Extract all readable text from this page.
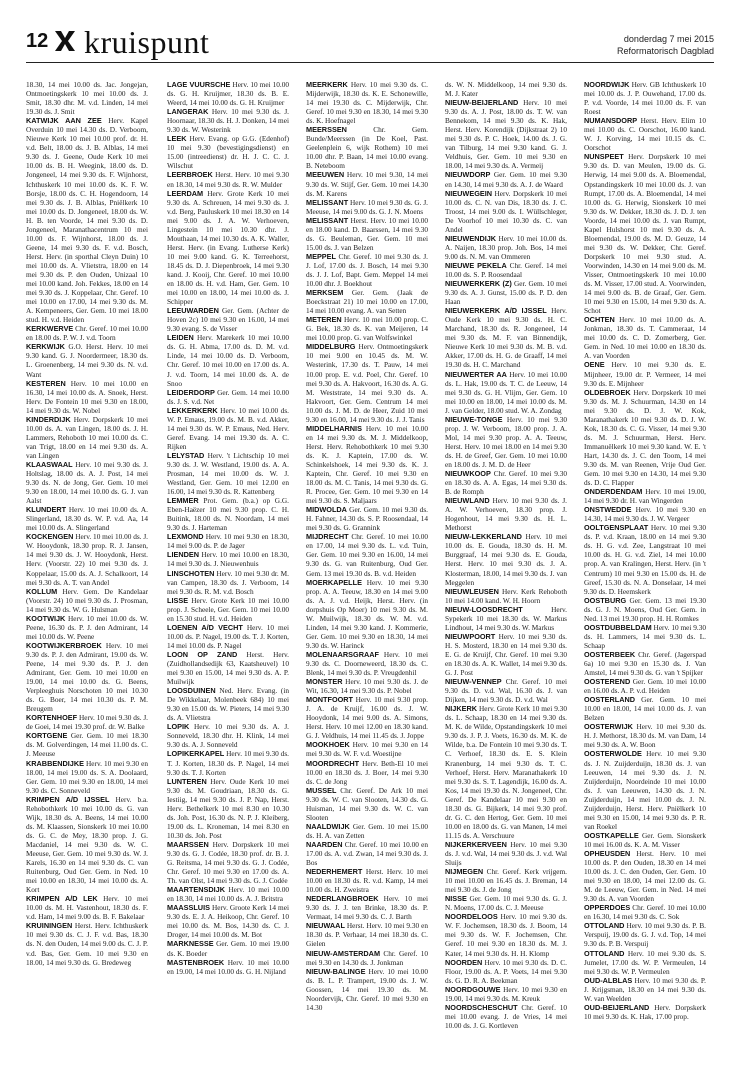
12 kruispunt	donderdag 7 mei 2015
Reformatorisch Dagblad

18.30, 14 mei 10.00 ds. Jac. Jongejan, Ontmoetingskerk 10 mei 10.00 ds. J. Smit, 18.30 dhr. M. v.d. Linden, 14 mei 19.30 ds. J. Smit

KATWIJK AAN ZEE Herv. Kapel Overduin 10 mei 14.30 ds. D. Verboom, Nieuwe Kerk 10 mei 10.00 prof. dr. H. v.d. Belt, 18.00 ds. J. B. Alblas, 14 mei 9.30 ds. J. Geene, Oude Kerk 10 mei 10.00 ds. B. H. Weegink, 18.00 ds. D. Jongeneel, 14 mei 9.30 ds. F. Wijnhorst, Ichthuskerk 10 mei 10.00 ds. K. F. W. Borsje, 18.00 ds. C. H. Hogendoorn, 14 mei 9.30 ds. J. B. Alblas, Pniëlkerk 10 mei 10.00 ds. D. Jongeneel, 18.00 ds. W. H. B. ten Voorde, 14 mei 9.30 ds. D. Jongeneel, Maranathacentrum 10 mei 10.00 ds. F. Wijnhorst, 18.00 ds. J. Geene, 14 mei 9.30 ds. F. v.d. Bosch, Herst. Herv. (in sporthal Cleyn Duin) 10 mei 10.00 ds. A. Vlietstra, 18.00 en 14 mei 9.30 ds. P. den Ouden, Unizaal 10 mei 10.00 kand. Joh. Fekkes, 18.00 en 14 mei 9.30 ds. J. Koppelaar, Chr. Geref. 10 mei 10.00 en 17.00, 14 mei 9.30 ds. M. A. Kempeneers, Ger. Gem. 10 mei 18.00 stud. H. v.d. Heiden

KERKWERVE Chr. Geref. 10 mei 10.00 en 18.00 ds. P. W. J. v.d. Toorn

KERKWIJK G.O. Herst. Herv. 10 mei 9.30 kand. G. J. Noordermeer, 18.30 ds. L. Groenenberg, 14 mei 9.30 ds. N. v.d. Want

KESTEREN Herv. 10 mei 10.00 en 16.30, 14 mei 10.00 ds. A. Snoek, Herst. Herv. De Fontein 10 mei 9.30 en 18.00, 14 mei 9.30 ds. W. Nobel

KINDERDIJK Herv. Dorpskerk 10 mei 10.00 ds. A. van Lingen, 18.00 ds. J. H. Lammers, Rehoboth 10 mei 10.00 ds. C. van Trigt, 18.00 en 14 mei 9.30 ds. A. van Lingen

KLAASWAAL Herv. 10 mei 9.30 ds. J. Holtslag, 18.00 ds. A. J. Post, 14 mei 9.30 ds. N. de Jong, Ger. Gem. 10 mei 9.30 en 18.00, 14 mei 10.00 ds. G. J. van Aalst

KLUNDERT Herv. 10 mei 10.00 ds. A. Slingerland, 18.30 ds. W. P. v.d. Aa, 14 mei 10.00 ds. A. Slingerland

KOCKENGEN Herv. 10 mei 10.00 ds. J. W. Hooydonk, 18.30 prop. R. J. Jansen, 14 mei 9.30 ds. J. W. Hooydonk, Herst. Herv. (Voorstr. 22) 10 mei 9.30 ds. J. Koppelaar, 15.00 ds. A. J. Schalkoort, 14 mei 9.30 ds. A. T. van Andel

KOLLUM Herv. Gem. De Kandelaar (Voorstr. 24) 10 mei 9.30 ds. J. Prosman, 14 mei 9.30 ds. W. G. Hulsman

KOOTWIJK Herv. 10 mei 10.00 ds. W. Peene, 16.30 ds. P. J. den Admirant, 14 mei 10.00 ds. W. Peene

KOOTWIJKERBROEK Herv. 10 mei 9.30 ds. P. J. den Admirant, 19.00 ds. W. Peene, 14 mei 9.30 ds. P. J. den Admirant, Ger. Gem. 10 mei 10.00 en 19.00, 14 mei 10.00 ds. G. Beens, Verpleeghuis Norschoten 10 mei 10.30 ds. G. Boer, 14 mei 10.30 ds. P. M. Breugem

KORTENHOEF Herv. 10 mei 9.30 ds. J. de Goei, 14 mei 19.30 prof. dr. W. Balke

KORTGENE Ger. Gem. 10 mei 18.30 ds. M. Golverdingen, 14 mei 11.00 ds. C. J. Meeuse

KRABBENDIJKE Herv. 10 mei 9.30 en 18.00, 14 mei 19.00 ds. S. A. Doolaard, Ger. Gem. 10 mei 9.30 en 18.00, 14 mei 9.30 ds. C. Sonneveld

KRIMPEN A/D IJSSEL Herv. b.a. Rehobothkerk 10 mei 10.00 ds. G. van Wijk, 18.30 ds. A. Beens, 14 mei 10.00 ds. M. Klaassen, Sionskerk 10 mei 10.00 ds. G. C. de Mey, 18.30 prop. J. G. Macdaniel, 14 mei 9.30 ds. W. C. Meeuse, Ger. Gem. 10 mei 9.30 ds. W. J. Karels, 16.30 en 14 mei 9.30 ds. C. van Ruitenburg, Oud Ger. Gem. in Ned. 10 mei 10.00 en 18.30, 14 mei 10.00 ds. A. Kort

KRIMPEN A/D LEK Herv. 10 mei 10.00 ds. M. H. Vastenhout, 18.30 ds. F. v.d. Ham, 14 mei 9.00 ds. B. F. Bakelaar

KRUININGEN Herst. Herv. Ichthuskerk 10 mei 9.30 ds. C. J. F. v.d. Bas, 18.30 ds. N. den Ouden, 14 mei 9.00 ds. C. J. P. v.d. Bas, Ger. Gem. 10 mei 9.30 en 18.00, 14 mei 9.30 ds. G. Bredeweg

LAGE VUURSCHE Herv. 10 mei 10.00 ds. G. H. Kruijmer, 18.30 ds. B. E. Weerd, 14 mei 10.00 ds. G. H. Kruijmer

LANGERAK Herv. 10 mei 9.30 ds. J. Hoornaar, 18.30 ds. H. J. Donken, 14 mei 9.30 ds. W. Westerink

LEEK Herv. Evang. op G.G. (Edenhof) 10 mei 9.30 (bevestigingsdienst) en 15.00 (intreedienst) dr. H. J. C. C. J. Wilschut

LEERBROEK Herst. Herv. 10 mei 9.30 en 18.30, 14 mei 9.30 ds. R. W. Mulder

LEERDAM Herv. Grote Kerk 10 mei 9.30 ds. A. Schreuen, 14 mei 9.30 ds. J. v.d. Berg, Pauluskerk 10 mei 18.30 en 14 mei 9.00 ds. J. A. W. Verhoeven, Lingestein 10 mei 10.30 dhr. J. Mouthaan, 14 mei 10.30 ds. A. K. Waller, Herst. Herv. (in Evang. Lutherse Kerk) 10 mei 9.00 kand. G. K. Terreehorst, 18.45 ds. D. J. Diepenbroek, 14 mei 9.30 kand. J. Kooij, Chr. Geref. 10 mei 10.00 en 18.00 ds. H. v.d. Ham, Ger. Gem. 10 mei 10.00 en 18.00, 14 mei 10.00 ds. J. Schipper

LEEUWARDEN Ger. Gem. (Achter de Hoven 2c) 10 mei 9.30 en 16.00, 14 mei 9.30 evang. S. de Visser

LEIDEN Herv. Marekerk 10 mei 10.00 ds. G. H. Abma, 17.00 ds. D. M. v.d. Linde, 14 mei 10.00 ds. D. Verboom, Chr. Geref. 10 mei 10.00 en 17.00 ds. A. J. v.d. Toorn, 14 mei 10.00 ds. A. de Snoo

LEIDERDORP Ger. Gem. 14 mei 10.00 ds. J. S. v.d. Net

LEKKERKERK Herv. 10 mei 10.00 ds. W. P. Emaus, 19.00 ds. M. B. v.d. Akker, 14 mei 9.30 ds. W. P. Emaus, Ned. Herv. Geref. Evang. 14 mei 19.30 ds. A. C. Rijken

LELYSTAD Herv. 't Lichtschip 10 mei 9.30 ds. J. W. Westland, 19.00 ds. A. A. Prosman, 14 mei 10.00 ds. W. J. Westland, Ger. Gem. 10 mei 12.00 en 16.00, 14 mei 9.30 ds. R. Kattenberg

LEMMER Prot. Gem. (b.a.) op G.G. Eben-Haëzer 10 mei 9.30 prop. C. H. Buitink, 18.00 ds. N. Noordam, 14 mei 9.30 ds. J. Harteman

LEXMOND Herv. 10 mei 9.30 en 18.30, 14 mei 9.00 ds. P. de Jager

LIENDEN Herv. 10 mei 10.00 en 18.30, 14 mei 9.30 ds. J. Nieuwenhuis

LINSCHOTEN Herv. 10 mei 9.30 dr. M. van Campen, 18.30 ds. J. Verboom, 14 mei 9.30 ds. R. M. v.d. Bosch

LISSE Herv. Grote Kerk 10 mei 10.00 prop. J. Scheele, Ger. Gem. 10 mei 10.00 en 15.30 stud. H. v.d. Heiden

LOENEN A/D VECHT Herv. 10 mei 10.00 ds. P. Nagel, 19.00 ds. T. J. Korten, 14 mei 10.00 ds. P. Nagel

LOON OP ZAND Herst. Herv. (Zuidhollandsedijk 63, Kaatsheuvel) 10 mei 9.30 en 15.00, 14 mei 9.30 ds. A. P. Muilwijk

LOOSDUINEN Ned. Herv. Evang. (in De Wikkelaar, Molenbeek 684) 10 mei 9.30 en 15.00 ds. W. Pieters, 14 mei 9.30 ds. A. Vlietstra

LOPIK Herv. 10 mei 9.30 ds. A. J. Sonneveld, 18.30 dhr. H. Klink, 14 mei 9.30 ds. A. J. Sonneveld

LOPIKERKAPEL Herv. 10 mei 9.30 ds. T. J. Korten, 18.30 ds. P. Nagel, 14 mei 9.30 ds. T. J. Korten

LUNTEREN Herv. Oude Kerk 10 mei 9.30 ds. M. Goudriaan, 18.30 ds. G. Iestiig, 14 mei 9.30 ds. J. P. Nap, Herst. Herv. Bethelkerk 10 mei 8.30 en 10.30 ds. Joh. Post, 16.30 ds. N. P. J. Kleiberg, 19.00 ds. L. Kroneman, 14 mei 8.30 en 10.30 ds. Joh. Post

MAARSSEN Herv. Dorpskerk 10 mei 9.30 ds. G. J. Codée, 18.30 prof. dr. B. J. G. Reitsma, 14 mei 9.30 ds. G. J. Codée, Chr. Geref. 10 mei 9.30 en 17.00 ds. A. Th. van Olst, 14 mei 9.30 ds. G. J. Codée

MAARTENSDIJK Herv. 10 mei 10.00 en 18.30, 14 mei 10.00 ds. A. J. Britstra

MAASSLUIS Herv. Groote Kerk 14 mei 9.30 ds. E. J. A. Heikoop, Chr. Geref. 10 mei 10.00 ds. M. Bos, 14.30 ds. C. J. Droger, 14 mei 10.00 ds. M. Bot

MARKNESSE Ger. Gem. 10 mei 19.00 ds. K. Boeder

MASTENBROEK Herv. 10 mei 10.00 en 19.00, 14 mei 10.00 ds. G. H. Nijland

MEERKERK Herv. 10 mei 9.30 ds. C. Mijderwijk, 18.30 ds. K. E. Schonewille, 14 mei 19.30 ds. C. Mijderwijk, Chr. Geref. 10 mei 9.30 en 18.30, 14 mei 9.30 ds. K. Hoefnagel

MEERSSEN	Chr. Gem. Bunde/Meerssen (in De Koel, Past. Geelenplein 6, wijk Rothem) 10 mei 10.00 dhr. P. Baan, 14 mei 10.00 evang. B. Neteboom

MEEUWEN Herv. 10 mei 9.30, 14 mei 9.30 ds. W. Stijf, Ger. Gem. 10 mei 14.30 ds. M. Karens

MELISSANT Herv. 10 mei 9.30 ds. G. J. Meeuse, 14 mei 9.00 ds. G. J. N. Moens

MELISSANT Herst. Herv. 10 mei 10.00 en 18.00 kand. D. Baarssen, 14 mei 9.30 ds. G. Beuleman, Ger. Gem. 10 mei 15.00 ds. J. van Belzen

MEPPEL Chr. Geref. 10 mei 9.30 ds. J. J. Lof, 17.00 ds. J. Bosch, 14 mei 9.30 ds. J. J. Lof, Bapt. Gem. Meppel 14 mei 10.00 dhr. J. Boekhout

MERKSEM Ger. Gem. (Jaak de Boeckstraat 21) 10 mei 10.00 en 17.00, 14 mei 10.00 evang. A. van Setten

METEREN Herv. 10 mei 10.00 prop. C. G. Bek, 18.30 ds. K. van Meijeren, 14 mei 10.00 prop. G. van Wolfswinkel

MIDDELBURG Herv. Ontmoetingskerk 10 mei 9.00 en 10.45 ds. M. W. Westerink, 17.30 ds. T. Pauw, 14 mei 10.00 prop. E. v.d. Poel, Chr. Geref. 10 mei 9.30 ds. A. Hakvoort, 16.30 ds. A. G. M. Weststrate, 14 mei 9.30 ds. A. Hakvoort, Ger. Gem. Centrum 14 mei 10.00 ds. J. M. D. de Heer, Zuid 10 mei 9.30 en 16.00, 14 mei 9.30 ds. J. J. Tanis

MIDDELHARNIS Herv. 10 mei 10.00 en 14 mei 9.30 ds. M. J. Middelkoop, Herst. Herv. Rehobothkerk 10 mei 9.30 ds. K. J. Kaptein, 17.00 ds. W. Schinkelshoek, 14 mei 9.30 ds. K. J. Kaptein, Chr. Geref. 10 mei 9.30 en 18.00 ds. M. C. Tanis, 14 mei 9.30 ds. G. R. Procee, Ger. Gem. 10 mei 9.30 en 14 mei 9.30 ds. S. Maljaars

MIDWOLDA Ger. Gem. 10 mei 9.30 ds. H. Fahner, 14.30 ds. S. P. Roosendaal, 14 mei 9.30 ds. G. Grannink

MIJDRECHT Chr. Geref. 10 mei 10.00 en 17.00, 14 mei 9.30 ds. L. v.d. Tuin, Ger. Gem. 10 mei 9.30 en 16.00, 14 mei 9.30 ds. G. van Ruitenburg, Oud Ger. Gem. 13 mei 19.30 ds. B. v.d. Heiden

MOERKAPELLE Herv. 10 mei 9.30 prop. A. A. Teeuw, 18.30 en 14 mei 9.00 ds. A. J. v.d. Heijk, Herst. Herv. (in dorpshuis Op Moer) 10 mei 9.30 ds. M. W. Muilwijk, 18.30 ds. W. M. v.d. Linden, 14 mei 9.30 kand. J. Kommerie, Ger. Gem. 10 mei 9.30 en 18.30, 14 mei 9.30 ds. W. Harinck

MOLENAARSGRAAF Herv. 10 mei 9.30 ds. C. Doorneweerd, 18.30 ds. C. Blenk, 14 mei 9.30 ds. P. Vreugdenhil

MONSTER Herv. 10 mei 9.30 ds. J. de Wit, 16.30, 14 mei 9.30 ds. P. Nobel

MONTFOORT Herv. 10 mei 9.30 prop. J. A. de Kruijf, 16.00 ds. J. W. Hooydonk, 14 mei 9.00 ds. A. Simons, Herst. Herv. 10 mei 12.00 en 18.30 kand. G. J. Veldhuis, 14 mei 11.45 ds. J. Joppe

MOOKHOEK Herv. 10 mei 9.30 en 14 mei 9.30 ds. W. F. v.d. Woestijne

MOORDRECHT Herv. Beth-El 10 mei 10.00 en 18.30 ds. J. Boer, 14 mei 9.30 ds. C. de Jong

MUSSEL Chr. Geref. De Ark 10 mei 9.30 ds. W. C. van Slooten, 14.30 ds. G. Huisman, 14 mei 9.30 ds. W. C. van Slooten

NAALDWIJK Ger. Gem. 10 mei 15.00 ds. H. A. van Zetten

NAARDEN Chr. Geref. 10 mei 10.00 en 17.00 ds. A. v.d. Zwan, 14 mei 9.30 ds. J. Bos

NEDERHEMERT Herst. Herv. 10 mei 10.00 en 18.30 ds. R. v.d. Kamp, 14 mei 10.00 ds. H. Zweistra

NEDERLANGBROEK Herv. 10 mei 9.30 ds. J. J. ten Brinke, 18.30 ds. P. Vermaat, 14 mei 9.30 ds. C. J. Barth

NIEUWAAL Herst. Herv. 10 mei 9.30 en 18.30 ds. P. Verhaar, 14 mei 18.30 ds. C. Gielen

NIEUW-AMSTERDAM Chr. Geref. 10 mei 9.30 en 14.30 ds. J. Jonkman

NIEUW-BALINGE Herv. 10 mei 10.00 ds. B. L. P. Trampert, 19.00 ds. J. W. Goossen, 14 mei 19.30 ds. M. Noordervijk, Chr. Geref. 10 mei 9.30 en 14.30

ds. W. N. Middelkoop, 14 mei 9.30 ds. M. J. Kater

NIEUW-BEIJERLAND Herv. 10 mei 9.30 ds. A. J. Post, 18.00 ds. T. W. van Bennekom, 14 mei 9.30 ds. K. Hak, Herst. Herv. Korendijk (Dijkstraat 2) 10 mei 9.30 ds. P. C. Hoek, 14.00 ds. J. G. van Tilburg, 14 mei 9.30 kand. G. J. Veldhuis, Ger. Gem. 10 mei 9.30 en 18.00, 14 mei 9.30 ds. A. Vermeij

NIEUWDORP Ger. Gem. 10 mei 9.30 en 14.30, 14 mei 9.30 ds. A. J. de Waard

NIEUWEGEIN Herv. Dorpskerk 10 mei 10.00 ds. C. N. van Dis, 18.30 ds. J. C. Troost, 14 mei 9.00 ds. I. Wüllschleger, De Voorhof 10 mei 10.30 ds. C. van Andel

NIEUWENDIJK Herv. 10 mei 10.00 ds. A. Naijen, 18.30 prop. Joh. Bos, 14 mei 9.00 ds. N. M. van Ommeren

NIEUWE PEKELA Chr. Geref. 14 mei 10.00 ds. S. P. Roosendaal

NIEUWERKERK (Z) Ger. Gem. 10 mei 9.30 ds. A. J. Gunst, 15.00 ds. P. D. den Haan

NIEUWERKERK A/D IJSSEL Herv. Oude Kerk 10 mei 9.30 ds. H. C. Marchand, 18.30 ds. R. Jongeneel, 14 mei 9.30 ds. M. F. van Binnendijk, Nieuwe Kerk 10 mei 9.30 ds. M. B. v.d. Akker, 17.00 ds. H. G. de Graaff, 14 mei 19.30 ds. H. C. Marchand

NIEUWERTER AA Herv. 10 mei 10.00 ds. L. Hak, 19.00 ds. T. C. de Leeuw, 14 mei 9.30 ds. G. H. Vlijm, Ger. Gem. 10 mei 10.00 en 18.00, 14 mei 10.00 ds. M. J. van Gelder, 18.00 stud. W. A. Zondag

NIEUWE-TONGE Herv. 10 mei 9.30 prop. J. W. Verboom, 18.00 prop. J. A. Mol, 14 mei 9.30 prop. A. A. Teeuw, Herst. Herv. 10 mei 18.00 en 14 mei 9.30 ds. H. de Greef, Ger. Gem. 10 mei 10.00 en 18.00 ds. J. M. D. de Heer

NIEUWKOOP Chr. Geref. 10 mei 9.30 en 18.30 ds. A. A. Egas, 14 mei 9.30 ds. B. de Romph

NIEUWLAND Herv. 10 mei 9.30 ds. J. A. W. Verhoeven, 18.30 prop. J. Hogenhout, 14 mei 9.30 ds. H. L. Methorst

NIEUW-LEKKERLAND Herv. 10 mei 10.00 ds. E. Gouda, 18.30 ds. H. M. Burggraaf, 14 mei 9.30 ds. E. Gouda, Herst. Herv. 10 mei 9.30 ds. J. A. Klosterman, 18.00, 14 mei 9.30 ds. J. van Meggelen

NIEUWLEUSEN Herv. Kerk Rehoboth 10 mei 14.00 kand. W. H. Hoorn

NIEUW-LOOSDRECHT	Herv. Sypekerk 10 mei 18.30 ds. W. Markus Lindhout, 14 mei 9.30 ds. W. Markus

NIEUWPOORT Herv. 10 mei 9.30 ds. H. S. Mosterd, 18.30 en 14 mei 9.30 ds. E. G. de Kruijf, Chr. Geref. 10 mei 9.30 en 18.30 ds. A. K. Wallet, 14 mei 9.30 ds. G. J. Post

NIEUW-VENNEP Chr. Geref. 10 mei 9.30 ds. D. v.d. Wal, 16.30 ds. J. van Dijken, 14 mei 9.30 ds. D. v.d. Wal

NIJKERK Herv. Grote Kerk 10 mei 9.30 ds. L. Schaap, 18.30 en 14 mei 9.30 ds. M. K. de Wilde, Opstandingskerk 10 mei 9.30 ds. J. P. J. Voets, 16.30 ds. M. K. de Wilde, b.a. De Fontein 10 mei 9.30 ds. T. C. Verhoef, 18.30 ds. E. S. Klein Kranenburg, 14 mei 9.30 ds. T. C. Verhoef, Herst. Herv. Maranathakerk 10 mei 9.30 ds. S. T. Lagendijk, 16.00 ds. A. Kos, 14 mei 19.30 ds. N. Jongeneel, Chr. Geref. De Kandelaar 10 mei 9.30 en 18.30 ds. G. Bijkerk, 14 mei 9.30 prof. dr. G. C. den Hertog, Ger. Gem. 10 mei 10.00 en 18.00 ds. G. van Manen, 14 mei 11.15 ds. A. Verschuure

NIJKERKERVEEN Herv. 10 mei 9.30 ds. J. v.d. Wal, 14 mei 9.30 ds. J. v.d. Wal Sluijs

NIJMEGEN Chr. Geref. Kerk vrijgem. 10 mei 10.00 en 16.45 ds. J. Breman, 14 mei 9.30 ds. J. de Jong

NISSE Ger. Gem. 10 mei 9.30 ds. G. J. N. Moens, 17.00 ds. C. J. Meeuse

NOORDELOOS Herv. 10 mei 9.30 ds. W. F. Jochemsen, 18.30 ds. J. Boom, 14 mei 9.30 ds. W. F. Jochemsen, Chr. Geref. 10 mei 9.30 en 18.30 ds. M. J. Kater, 14 mei 9.30 ds. H. H. Klomp

NOORDEN Herv. 10 mei 9.30 ds. D. C. Floor, 19.00 ds. A. P. Voets, 14 mei 9.30 ds. G. D. R. A. Beekman

NOORDGOUWE Herv. 10 mei 9.30 en 19.00, 14 mei 9.30 ds. M. Kreuk

NOORDSCHESCHUT Chr. Geref. 10 mei 10.00 evang. J. de Vries, 14 mei 10.00 ds. J. G. Kortleven

NOORDWIJK Herv. GB Ichthuskerk 10 mei 10.00 ds. J. P. Ouwehand, 17.00 ds. P. v.d. Voorde, 14 mei 10.00 ds. F. van Roest

NUMANSDORP Herst. Herv. Elim 10 mei 10.00 ds. C. Oorschot, 16.00 kand. W. J. Korving, 14 mei 10.15 ds. C. Oorschot

NUNSPEET Herv. Dorpskerk 10 mei 9.30 ds. D. van Meulen, 19.00 ds. G. Herwig, 14 mei 9.00 ds. A. Bloemendal, Opstandingskerk 10 mei 10.00 ds. J. van Rumpt, 17.00 ds. A. Bloemendal, 14 mei 10.00 ds. G. Herwig, Sionskerk 10 mei 9.30 ds. W. Dekker, 18.30 ds. J. D. J. ten Voorde, 14 mei 10.00 ds. J. van Rumpt, Kapel Hulshorst 10 mei 9.30 ds. A. Bloemendal, 19.00 ds. M. D. Geuze, 14 mei 9.30 ds. W. Dekker, Chr. Geref. Dorpskerk 10 mei 9.30 stud. A. Voorwinden, 14.30 en 14 mei 9.00 ds. M. Visser, Ontmoetingskerk 10 mei 10.00 ds. M. Visser, 17.00 stud. A. Voorwinden, 14 mei 9.00 ds. B. de Graaf, Ger. Gem. 10 mei 9.30 en 15.00, 14 mei 9.30 ds. A. Schot

OCHTEN Herv. 10 mei 10.00 ds. A. Jonkman, 18.30 ds. T. Cammeraat, 14 mei 10.00 ds. C. D. Zomerberg, Ger. Gem. in Ned. 10 mei 10.00 en 18.30 ds. A. van Voorden

OENE Herv. 10 mei 9.30 ds. E. Mijnheer, 19.00 dr. P. Vermeer, 14 mei 9.30 ds. E. Mijnheer

OLDEBROEK Herv. Dorpskerk 10 mei 9.30 ds. M. J. Schuurman, 14.30 en 14 mei 9.30 ds. D. J. W. Kok, Maranathakerk 10 mei 9.30 ds. D. J. W. Kok, 18.30 ds. C. G. Visser, 14 mei 9.30 ds. M. J. Schuurman, Herst. Herv. Immanuëlkerk 10 mei 9.30 kand. W. E. 't Hart, 14.30 ds. J. C. den Toom, 14 mei 9.30 ds. M. van Reenen, Vrije Oud Ger. Gem. 10 mei 9.30 en 14.30, 14 mei 9.30 ds. D. C. Flapper

ONDERDENDAM Herv. 10 mei 19.00, 14 mei 9.30 dr. H. van Wingerden

ONSTWEDDE Herv. 10 mei 9.30 en 14.30, 14 mei 9.30 ds. J. W. Vergeer

OOLTGENSPLAAT Herv. 10 mei 9.30 ds. P. v.d. Kraan, 18.00 en 14 mei 9.30 ds. H. G. v.d. Zee, Langstraat 10 mei 10.00 ds. H. G. v.d. Ziel, 14 mei 10.00 prop. A. van Kralingen, Herst. Herv. (in 't Centrum) 10 mei 9.30 en 15.00 ds. H. de Greef, 15.30 ds. N. A. Donselaar, 14 mei 9.30 ds. D. Heemskerk

OOSTBURG Ger. Gem. 13 mei 19.30 ds. G. J. N. Moens, Oud Ger. Gem. in Ned. 13 mei 19.30 prop. H. H. Romkes

OOSTDUBBELDAM Herv. 10 mei 9.30 ds. H. Lammers, 14 mei 9.30 ds. L. Schaap

OOSTERBEEK Chr. Geref. (Jagerspad 6a) 10 mei 9.30 en 15.30 ds. J. Van Amstel, 14 mei 9.30 ds. G. van 't Spijker

OOSTEREND Ger. Gem. 10 mei 10.00 en 16.00 ds. A. P. v.d. Heiden

OOSTERLAND Ger. Gem. 10 mei 10.00 en 18.00, 14 mei 10.00 ds. J. van Belzen

OOSTERWIJK Herv. 10 mei 9.30 ds. H. J. Methorst, 18.30 ds. M. van Dam, 14 mei 9.30 ds. A. W. Boon

OOSTERWOLDE Herv. 10 mei 9.30 ds. J. N. Zuijderduijn, 18.30 ds. J. van Leeuwen, 14 mei 9.30 ds. J. N. Zuijderduijn, Noordeinde 10 mei 10.00 ds. J. van Leeuwen, 14.30 ds. J. N. Zuijderduijn, 14 mei 10.00 ds. J. N. Zuijderduijn, Herst. Herv. Pniëlkerk 10 mei 9.30 en 15.00, 14 mei 9.30 ds. P. R. van Roekel

OOSTKAPELLE Ger. Gem. Sionskerk 10 mei 16.00 ds. K. A. M. Visser

OPHEUSDEN Herst. Herv. 10 mei 10.00 ds. P. den Ouden, 18.30 en 14 mei 10.00 ds. J. C. den Ouden, Ger. Gem. 10 mei 9.30 en 18.00, 14 mei 12.00 ds. G. M. de Leeuw, Ger. Gem. in Ned. 14 mei 9.30 ds. A. van Voorden

OPPERDOES Chr. Geref. 10 mei 10.00 en 16.30, 14 mei 9.30 ds. C. Sok

OTTOLAND Herv. 10 mei 9.30 ds. P. B. Verspuij, 19.00 ds. G. J. v.d. Top, 14 mei 9.30 ds. P. B. Verspuij

OTTOLAND Herv. 10 mei 9.30 ds. S. Jumelet, 17.00 ds. W. P. Vermeulen, 14 mei 9.30 ds. W. P. Vermeulen

OUD-ALBLAS Herv. 10 mei 9.30 ds. P. J. Krijgsman, 18.30 en 14 mei 9.30 ds. W. van Weelden

OUD-BEIJERLAND Herv. Dorpskerk 10 mei 9.30 ds. K. Hak, 17.00 prop.
